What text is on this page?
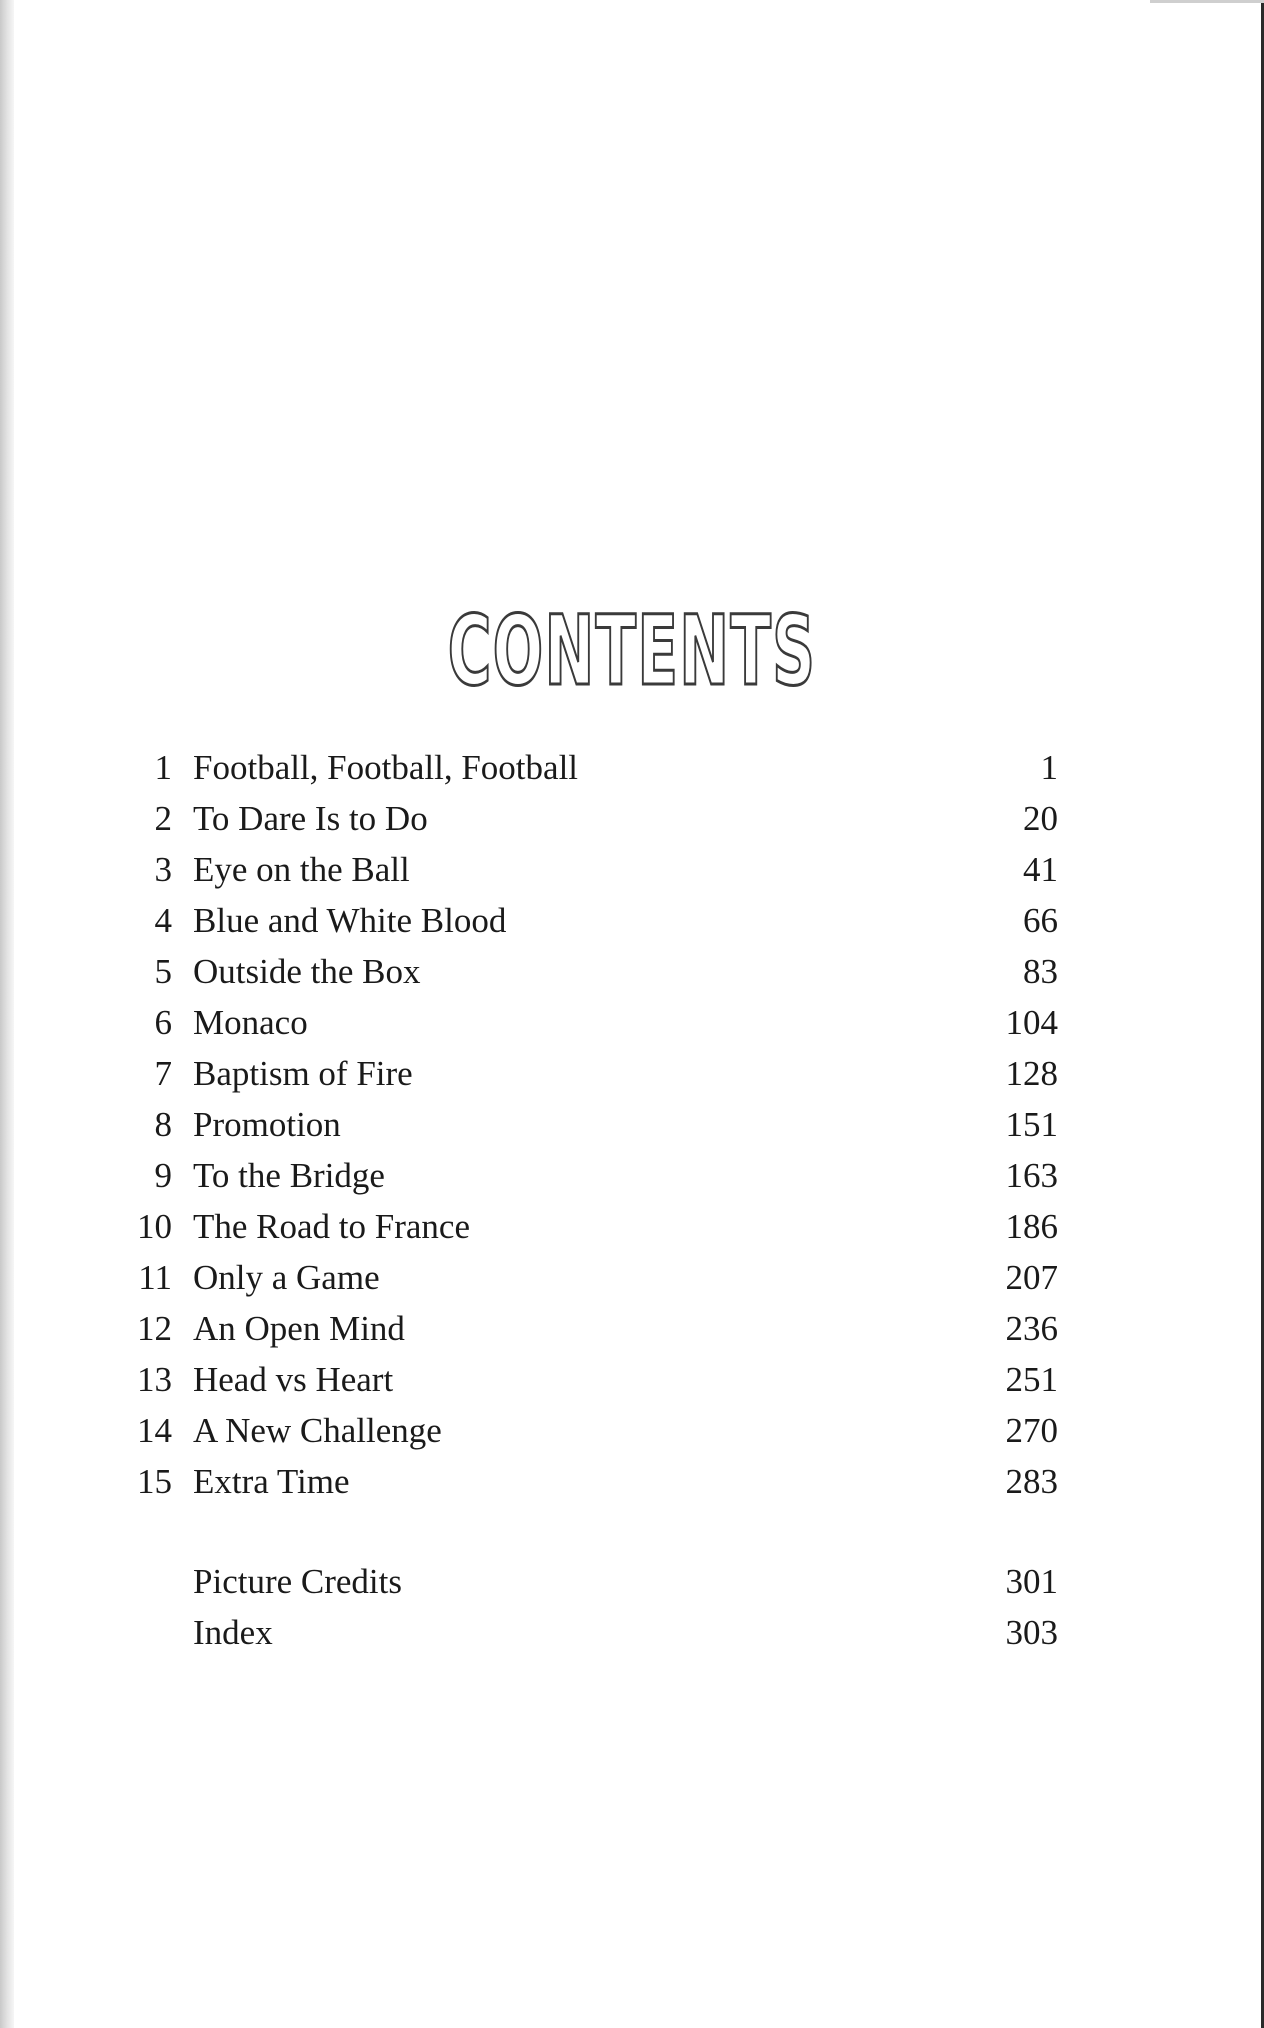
CONTENTS
1 Football, Football, Football	1
2 To Dare Is to Do	20
3 Eye on the Ball	41
4 Blue and White Blood	66
5 Outside the Box	83
6 Monaco	104
7 Baptism of Fire	128
8 Promotion	151
9 To the Bridge	163
10 The Road to France	186
11 Only a Game	207
12 An Open Mind	236
13 Head vs Heart	251
14 A New Challenge	270
15 Extra Time	283
Picture Credits	301
Index	303
